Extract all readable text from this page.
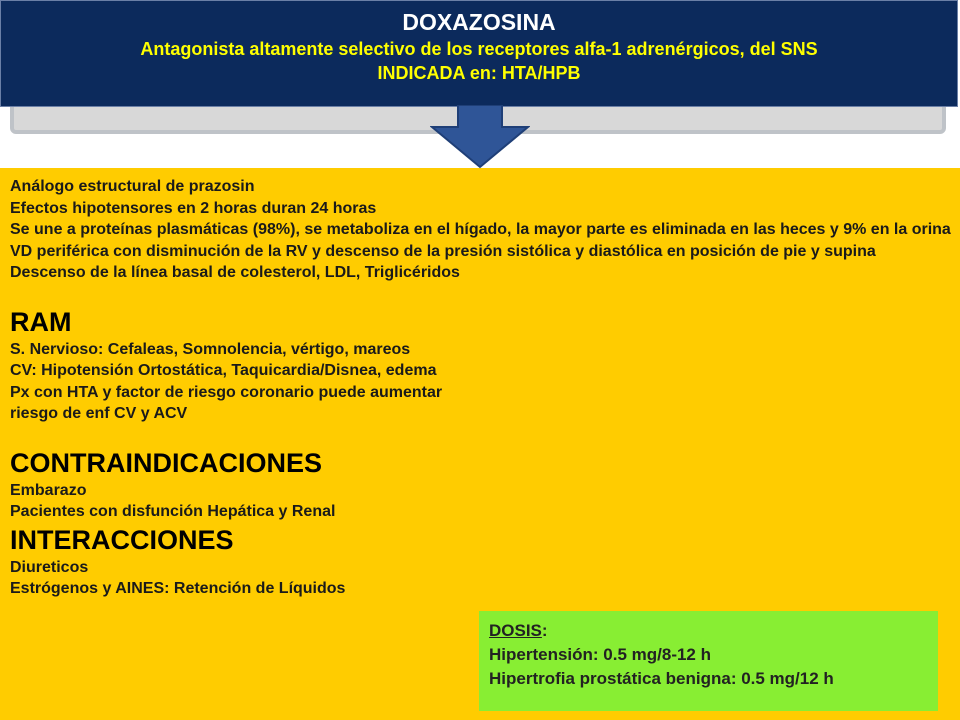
DOXAZOSINA
Antagonista altamente selectivo de los receptores alfa-1 adrenérgicos, del SNS
INDICADA en: HTA/HPB

Análogo estructural de prazosin

Efectos hipotensores en 2 horas duran 24 horas

Se une a proteínas plasmáticas (98%), se metaboliza en el hígado, la mayor parte es eliminada en las heces y 9% en la orina

VD periférica con disminución de la RV y descenso de la presión sistólica y diastólica en posición de pie y supina

Descenso de la línea basal de colesterol, LDL, Triglicéridos

RAM

S. Nervioso: Cefaleas, Somnolencia, vértigo, mareos

CV: Hipotensión Ortostática, Taquicardia/Disnea, edema

Px con HTA y factor de riesgo coronario puede aumentar

riesgo de enf CV y ACV

CONTRAINDICACIONES

Embarazo

Pacientes con disfunción Hepática y Renal

INTERACCIONES

Diureticos

Estrógenos y AINES: Retención de Líquidos

DOSIS:
Hipertensión: 0.5 mg/8-12 h
Hipertrofia prostática benigna: 0.5 mg/12 h
